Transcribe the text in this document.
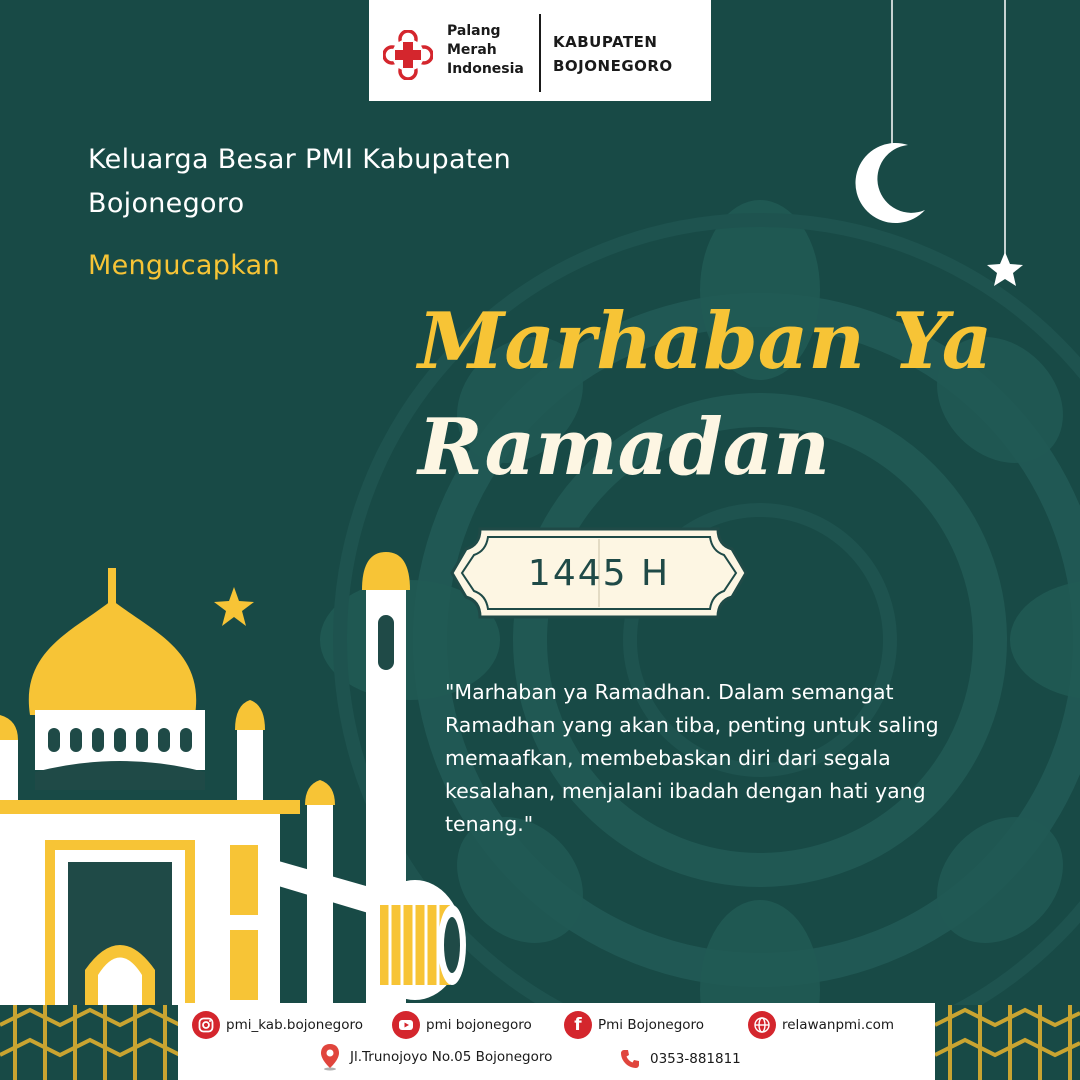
Palang
Merah
Indonesia
KABUPATEN
BOJONEGORO
Keluarga Besar PMI Kabupaten Bojonegoro
Mengucapkan
Marhaban Ya
Ramadan
1445 H

"Marhaban ya Ramadhan. Dalam semangat Ramadhan yang akan tiba, penting untuk saling memaafkan, membebaskan diri dari segala kesalahan, menjalani ibadah dengan hati yang tenang."

pmi_kab.bojonegoro	pmi bojonegoro f Pmi Bojonegoro	relawanpmi.com
Jl.Trunojoyo No.05 Bojonegoro	0353-881811
